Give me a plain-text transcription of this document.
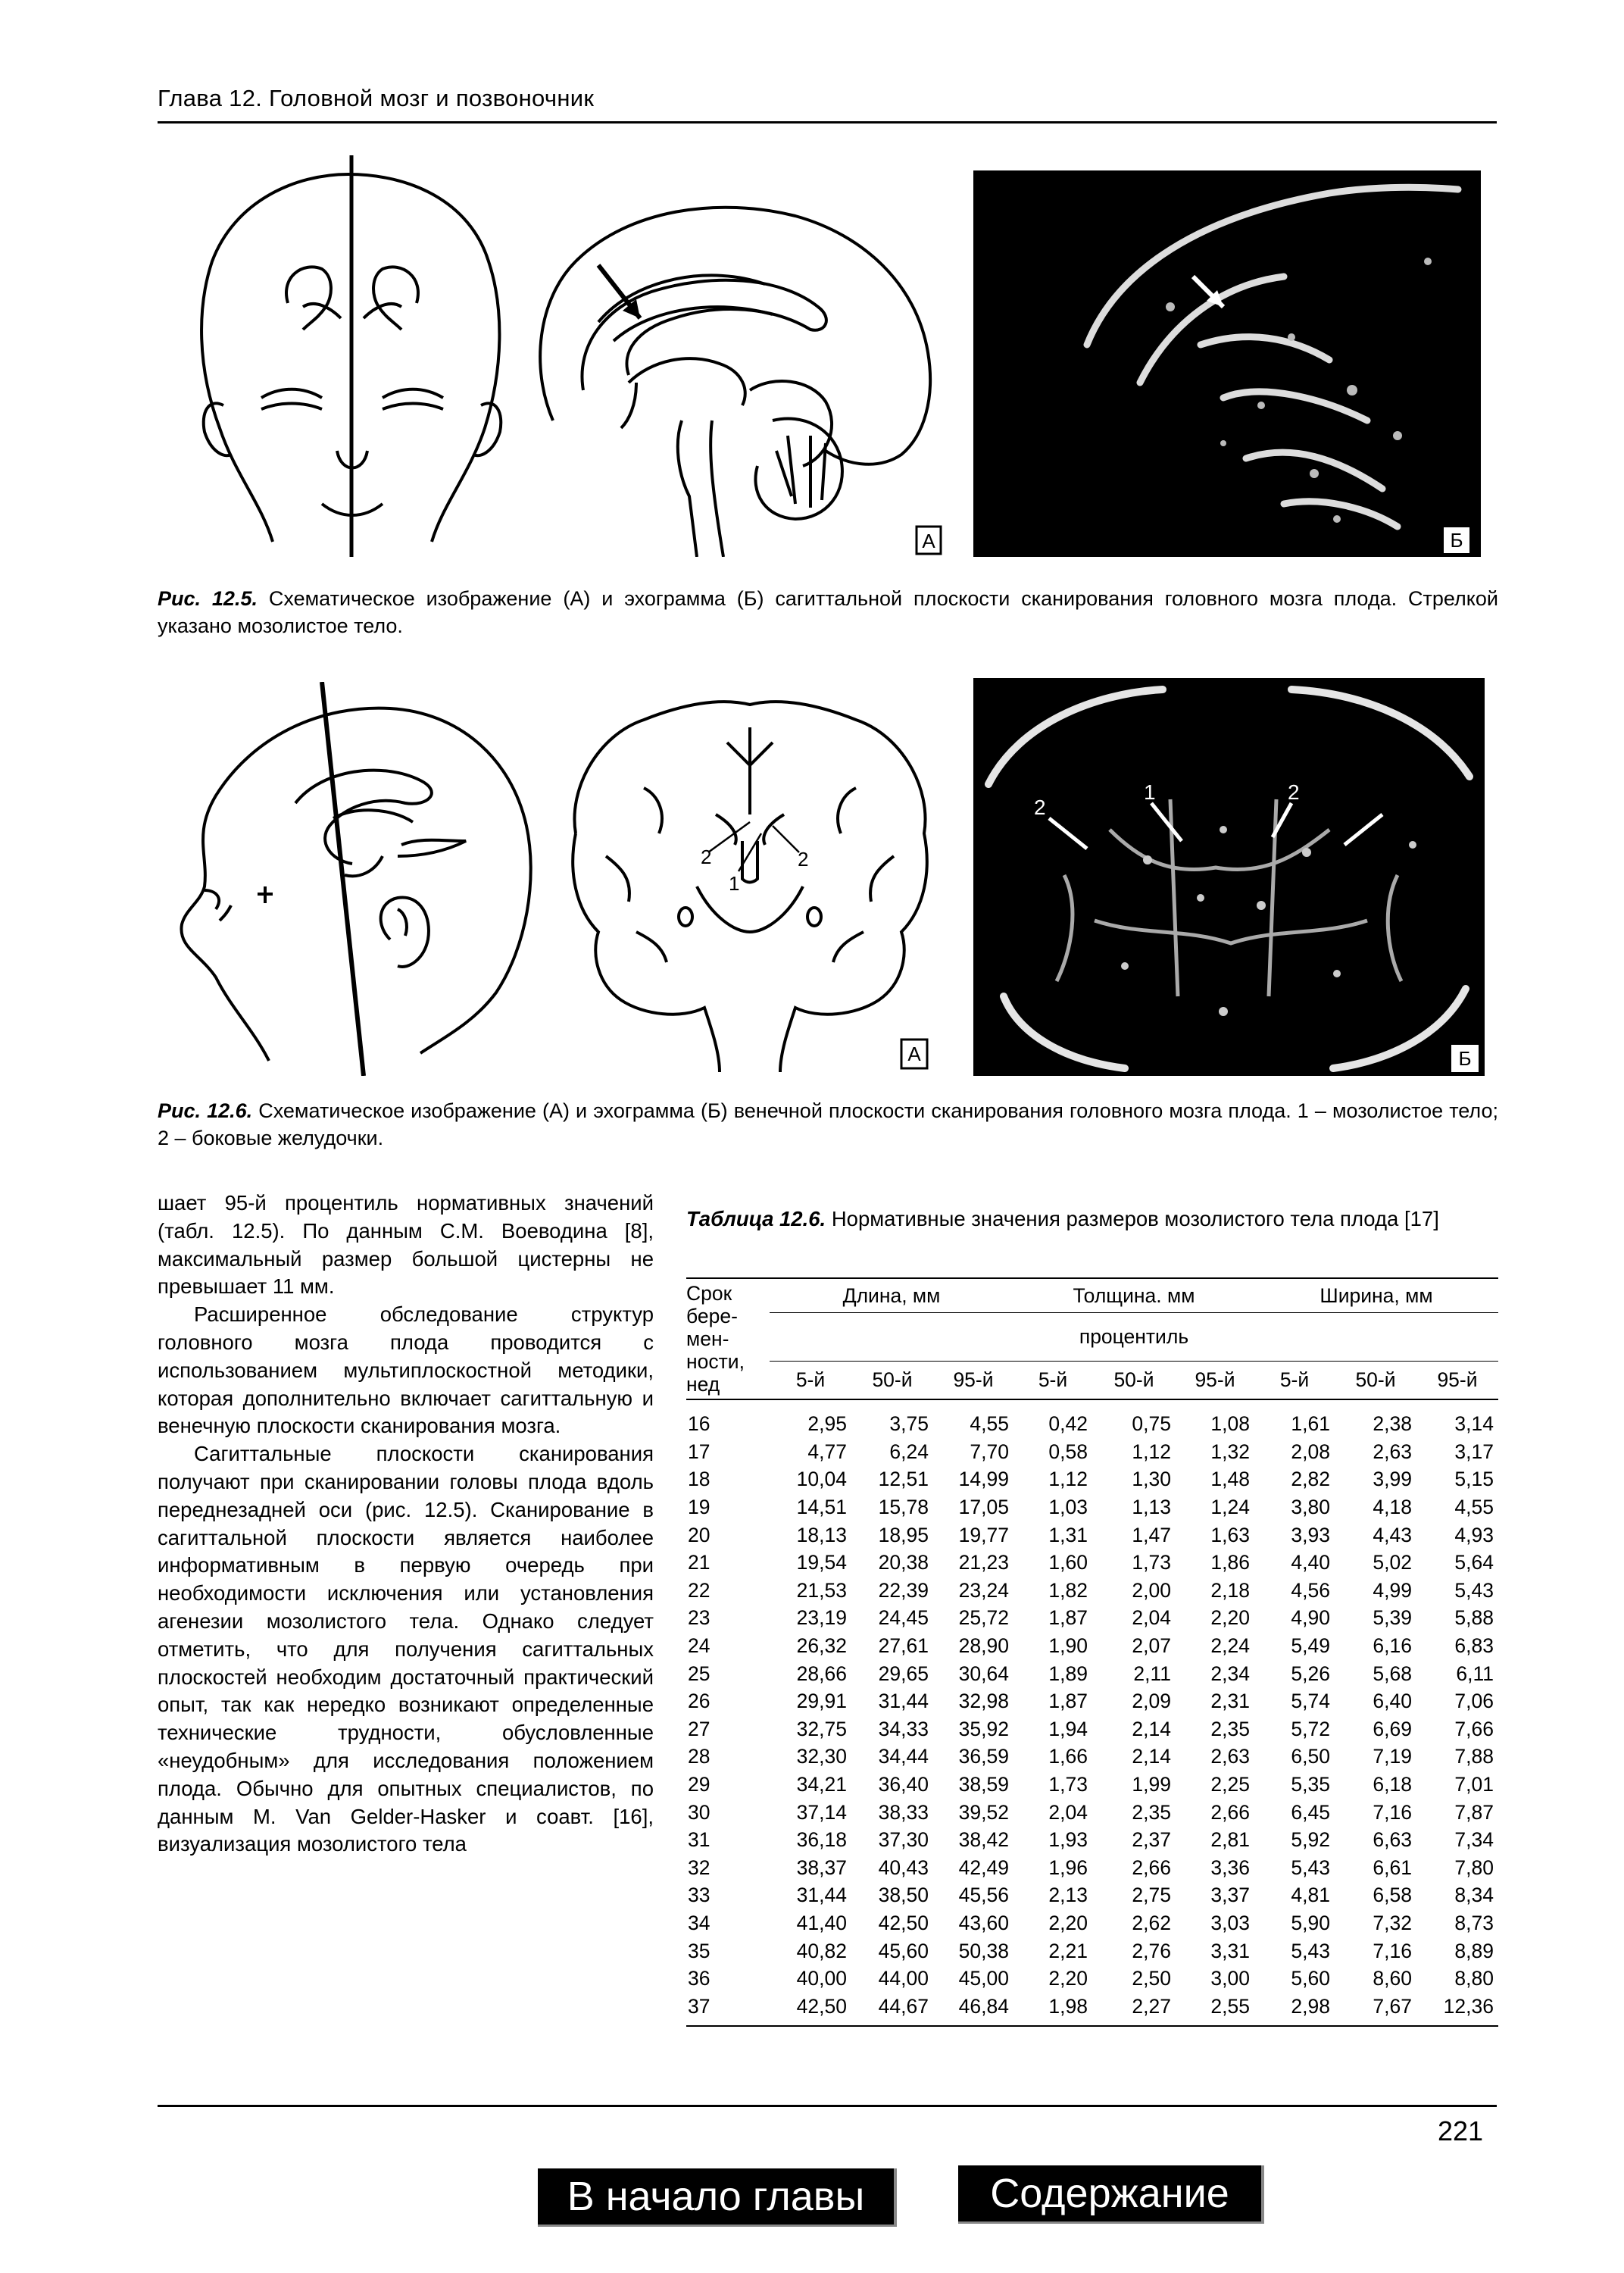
Глава 12. Головной мозг и позвоночник
А	Б
Рис. 12.5. Схематическое изображение (А) и эхограмма (Б) сагиттальной плоскости сканирования головного мозга плода. Стрелкой указано мозолистое тело.
2	2
1
А
1	2
2
Б
Рис. 12.6. Схематическое изображение (А) и эхограмма (Б) венечной плоскости сканирования головного мозга плода. 1 – мозолистое тело; 2 – боковые желудочки.

шает 95-й процентиль нормативных значений (табл. 12.5). По данным С.М. Воеводина [8], максимальный размер большой цистерны не превышает 11 мм.

Расширенное обследование структур головного мозга плода проводится с использованием мультиплоскостной методики, которая дополнительно включает сагиттальную и венечную плоскости сканирования мозга.

Сагиттальные плоскости сканирования получают при сканировании головы плода вдоль переднезадней оси (рис. 12.5). Сканирование в сагиттальной плоскости является наиболее информативным в первую очередь при необходимости исключения или установления агенезии мозолистого тела. Однако следует отметить, что для получения сагиттальных плоскостей необходим достаточный практический опыт, так как нередко возникают определенные технические трудности, обусловленные «неудобным» для исследования положением плода. Обычно для опытных специалистов, по данным M. Van Gelder-Hasker и соавт. [16], визуализация мозолистого тела

Таблица 12.6. Нормативные значения размеров мозолистого тела плода [17]

Срок
бере-
мен-
ности,
нед	Длина, мм			Толщина. мм			Ширина, мм		
	процентиль								
	5-й	50-й	95-й	5-й	50-й	95-й	5-й	50-й	95-й

16	2,95	3,75	4,55	0,42	0,75	1,08	1,61	2,38	3,14
17	4,77	6,24	7,70	0,58	1,12	1,32	2,08	2,63	3,17
18	10,04	12,51	14,99	1,12	1,30	1,48	2,82	3,99	5,15
19	14,51	15,78	17,05	1,03	1,13	1,24	3,80	4,18	4,55
20	18,13	18,95	19,77	1,31	1,47	1,63	3,93	4,43	4,93
21	19,54	20,38	21,23	1,60	1,73	1,86	4,40	5,02	5,64
22	21,53	22,39	23,24	1,82	2,00	2,18	4,56	4,99	5,43
23	23,19	24,45	25,72	1,87	2,04	2,20	4,90	5,39	5,88
24	26,32	27,61	28,90	1,90	2,07	2,24	5,49	6,16	6,83
25	28,66	29,65	30,64	1,89	2,11	2,34	5,26	5,68	6,11
26	29,91	31,44	32,98	1,87	2,09	2,31	5,74	6,40	7,06
27	32,75	34,33	35,92	1,94	2,14	2,35	5,72	6,69	7,66
28	32,30	34,44	36,59	1,66	2,14	2,63	6,50	7,19	7,88
29	34,21	36,40	38,59	1,73	1,99	2,25	5,35	6,18	7,01
30	37,14	38,33	39,52	2,04	2,35	2,66	6,45	7,16	7,87
31	36,18	37,30	38,42	1,93	2,37	2,81	5,92	6,63	7,34
32	38,37	40,43	42,49	1,96	2,66	3,36	5,43	6,61	7,80
33	31,44	38,50	45,56	2,13	2,75	3,37	4,81	6,58	8,34
34	41,40	42,50	43,60	2,20	2,62	3,03	5,90	7,32	8,73
35	40,82	45,60	50,38	2,21	2,76	3,31	5,43	7,16	8,89
36	40,00	44,00	45,00	2,20	2,50	3,00	5,60	8,60	8,80
37	42,50	44,67	46,84	1,98	2,27	2,55	2,98	7,67	12,36

221
В начало главы	Содержание
